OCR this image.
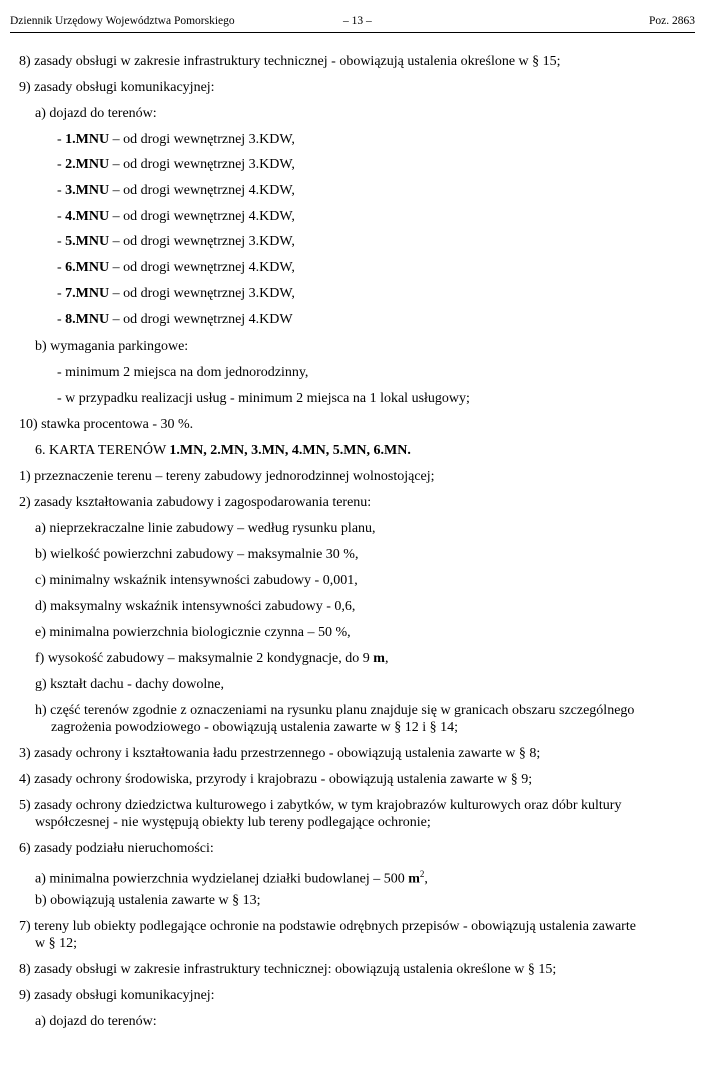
Dziennik Urzędowy Województwa Pomorskiego	– 13 –	Poz. 2863
8) zasady obsługi w zakresie infrastruktury technicznej - obowiązują ustalenia określone w § 15;
9) zasady obsługi komunikacyjnej:
a) dojazd do terenów:
- 1.MNU – od drogi wewnętrznej 3.KDW,
- 2.MNU – od drogi wewnętrznej 3.KDW,
- 3.MNU – od drogi wewnętrznej 4.KDW,
- 4.MNU – od drogi wewnętrznej 4.KDW,
- 5.MNU – od drogi wewnętrznej 3.KDW,
- 6.MNU – od drogi wewnętrznej 4.KDW,
- 7.MNU – od drogi wewnętrznej 3.KDW,
- 8.MNU – od drogi wewnętrznej 4.KDW
b) wymagania parkingowe:
- minimum 2 miejsca na dom jednorodzinny,
- w przypadku realizacji usług - minimum 2 miejsca na 1 lokal usługowy;
10) stawka procentowa - 30 %.
6. KARTA TERENÓW 1.MN, 2.MN, 3.MN, 4.MN, 5.MN, 6.MN.
1) przeznaczenie terenu – tereny zabudowy jednorodzinnej wolnostojącej;
2) zasady kształtowania zabudowy i zagospodarowania terenu:
a) nieprzekraczalne linie zabudowy – według rysunku planu,
b) wielkość powierzchni zabudowy – maksymalnie 30 %,
c) minimalny wskaźnik intensywności zabudowy - 0,001,
d) maksymalny wskaźnik intensywności zabudowy - 0,6,
e) minimalna powierzchnia biologicznie czynna – 50 %,
f) wysokość zabudowy – maksymalnie 2 kondygnacje, do 9 m,
g) kształt dachu - dachy dowolne,
h) część terenów zgodnie z oznaczeniami na rysunku planu znajduje się w granicach obszaru szczególnego
zagrożenia powodziowego - obowiązują ustalenia zawarte w § 12 i § 14;
3) zasady ochrony i kształtowania ładu przestrzennego - obowiązują ustalenia zawarte w § 8;
4) zasady ochrony środowiska, przyrody i krajobrazu - obowiązują ustalenia zawarte w § 9;
5) zasady ochrony dziedzictwa kulturowego i zabytków, w tym krajobrazów kulturowych oraz dóbr kultury
współczesnej - nie występują obiekty lub tereny podlegające ochronie;
6) zasady podziału nieruchomości:
a) minimalna powierzchnia wydzielanej działki budowlanej – 500 $m^2$,
b) obowiązują ustalenia zawarte w § 13;
7) tereny lub obiekty podlegające ochronie na podstawie odrębnych przepisów - obowiązują ustalenia zawarte
w § 12;
8) zasady obsługi w zakresie infrastruktury technicznej: obowiązują ustalenia określone w § 15;
9) zasady obsługi komunikacyjnej:
a) dojazd do terenów:
